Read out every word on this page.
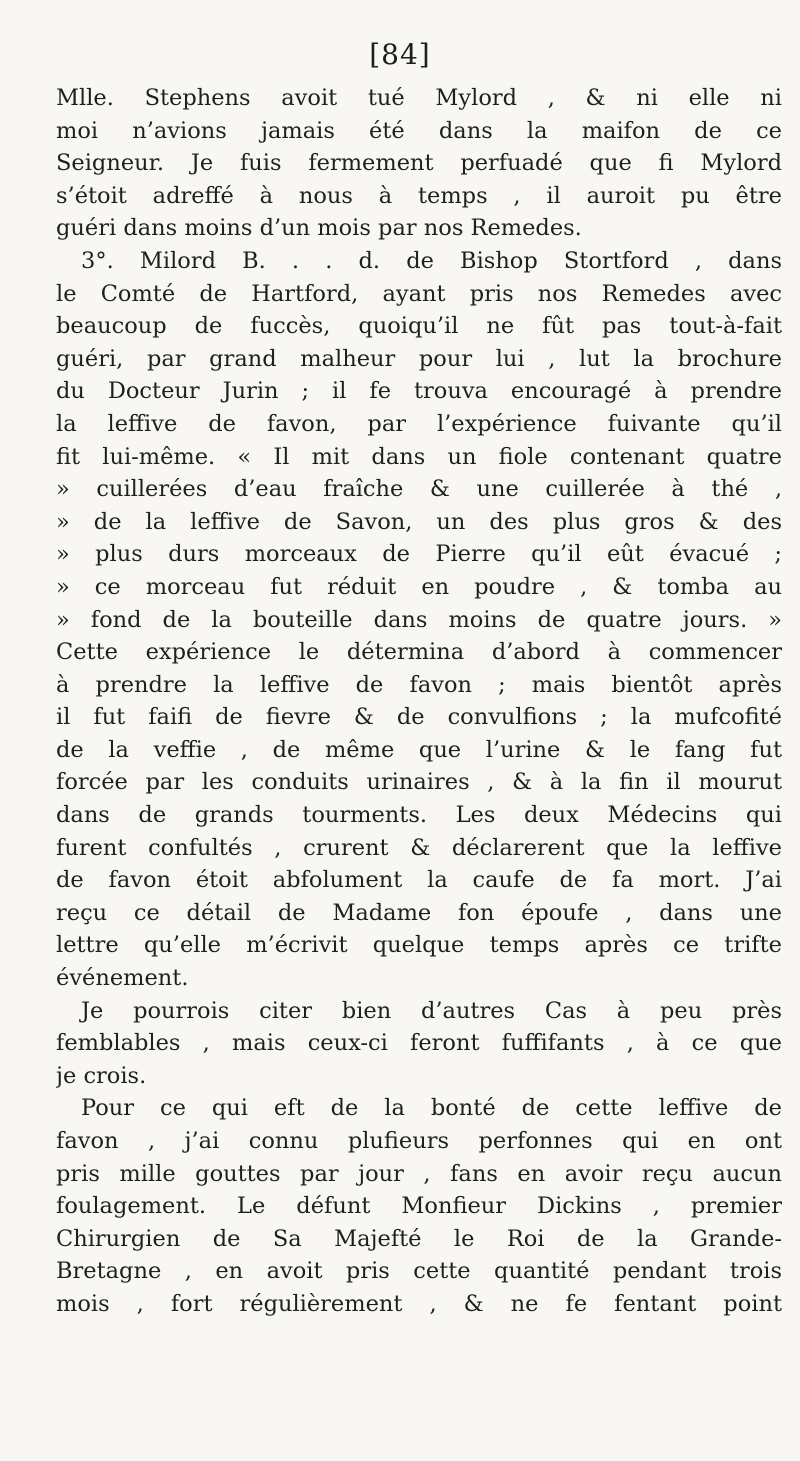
[84]
Mlle. Stephens avoit tué Mylord , & ni elle ni
moi n’avions jamais été dans la maifon de ce
Seigneur. Je fuis fermement perfuadé que fi Mylord
s’étoit adreffé à nous à temps , il auroit pu être
guéri dans moins d’un mois par nos Remedes.
3°. Milord B. . . d. de Bishop Stortford , dans
le Comté de Hartford, ayant pris nos Remedes avec
beaucoup de fuccès, quoiqu’il ne fût pas tout-à-fait
guéri, par grand malheur pour lui , lut la brochure
du Docteur Jurin ; il fe trouva encouragé à prendre
la leffive de favon, par l’expérience fuivante qu’il
fit lui-même. « Il mit dans un fiole contenant quatre
» cuillerées d’eau fraîche & une cuillerée à thé ,
» de la leffive de Savon, un des plus gros & des
» plus durs morceaux de Pierre qu’il eût évacué ;
» ce morceau fut réduit en poudre , & tomba au
» fond de la bouteille dans moins de quatre jours. »
Cette expérience le détermina d’abord à commencer
à prendre la leffive de favon ; mais bientôt après
il fut faifi de fievre & de convulfions ; la mufcofité
de la veffie , de même que l’urine & le fang fut
forcée par les conduits urinaires , & à la fin il mourut
dans de grands tourments. Les deux Médecins qui
furent confultés , crurent & déclarerent que la leffive
de favon étoit abfolument la caufe de fa mort. J’ai
reçu ce détail de Madame fon époufe , dans une
lettre qu’elle m’écrivit quelque temps après ce trifte
événement.
Je pourrois citer bien d’autres Cas à peu près
femblables , mais ceux-ci feront fuffifants , à ce que
je crois.
Pour ce qui eft de la bonté de cette leffive de
favon , j’ai connu plufieurs perfonnes qui en ont
pris mille gouttes par jour , fans en avoir reçu aucun
foulagement. Le défunt Monfieur Dickins , premier
Chirurgien de Sa Majefté le Roi de la Grande-
Bretagne , en avoit pris cette quantité pendant trois
mois , fort régulièrement , & ne fe fentant point
